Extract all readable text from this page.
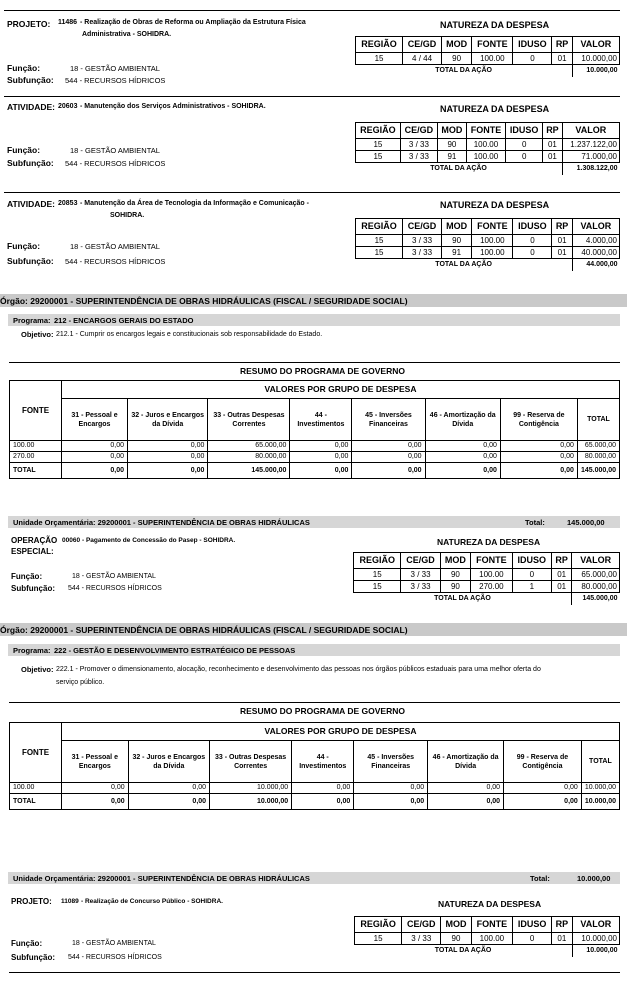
PROJETO: 11486 - Realização de Obras de Reforma ou Ampliação da Estrutura Física
Administrativa - SOHIDRA.
Função:	18 - GESTÃO AMBIENTAL
Subfunção: 544 - RECURSOS HÍDRICOS
NATUREZA DA DESPESA
REGIÃO	CE/GD	MOD	FONTE	IDUSO	RP	VALOR
15	4 / 44	90	100.00	0	01	10.000,00
TOTAL DA AÇÃO						10.000,00
ATIVIDADE: 20603 - Manutenção dos Serviços Administrativos - SOHIDRA.
Função:	18 - GESTÃO AMBIENTAL
Subfunção: 544 - RECURSOS HÍDRICOS
NATUREZA DA DESPESA
REGIÃO	CE/GD	MOD	FONTE	IDUSO	RP	VALOR
15	3 / 33	90	100.00	0	01	1.237.122,00
15	3 / 33	91	100.00	0	01	71.000,00
TOTAL DA AÇÃO						1.308.122,00
ATIVIDADE: 20853 - Manutenção da Área de Tecnologia da Informação e Comunicação -
SOHIDRA.
Função:	18 - GESTÃO AMBIENTAL
Subfunção: 544 - RECURSOS HÍDRICOS
NATUREZA DA DESPESA
REGIÃO	CE/GD	MOD	FONTE	IDUSO	RP	VALOR
15	3 / 33	90	100.00	0	01	4.000,00
15	3 / 33	91	100.00	0	01	40.000,00
TOTAL DA AÇÃO						44.000,00
Órgão: 29200001 - SUPERINTENDÊNCIA DE OBRAS HIDRÁULICAS (FISCAL / SEGURIDADE SOCIAL)
Programa: 212 - ENCARGOS GERAIS DO ESTADO
Objetivo: 212.1 - Cumprir os encargos legais e constitucionais sob responsabilidade do Estado.
RESUMO DO PROGRAMA DE GOVERNO
FONTE	VALORES POR GRUPO DE DESPESA							
	31 - Pessoal e Encargos	32 - Juros e Encargos da Dívida	33 - Outras Despesas Correntes	44 - Investimentos	45 - Inversões Financeiras	46 - Amortização da Dívida	99 - Reserva de Contigência	TOTAL
100.00	0,00	0,00	65.000,00	0,00	0,00	0,00	0,00	65.000,00
270.00	0,00	0,00	80.000,00	0,00	0,00	0,00	0,00	80.000,00
TOTAL	0,00	0,00	145.000,00	0,00	0,00	0,00	0,00	145.000,00
Unidade Orçamentária: 29200001 - SUPERINTENDÊNCIA DE OBRAS HIDRÁULICAS	Total:	145.000,00
OPERAÇÃO
ESPECIAL:
00060 - Pagamento de Concessão do Pasep - SOHIDRA.
Função:	18 - GESTÃO AMBIENTAL
Subfunção: 544 - RECURSOS HÍDRICOS
NATUREZA DA DESPESA
REGIÃO	CE/GD	MOD	FONTE	IDUSO	RP	VALOR
15	3 / 33	90	100.00	0	01	65.000,00
15	3 / 33	90	270.00	1	01	80.000,00
TOTAL DA AÇÃO						145.000,00
Órgão: 29200001 - SUPERINTENDÊNCIA DE OBRAS HIDRÁULICAS (FISCAL / SEGURIDADE SOCIAL)
Programa: 222 - GESTÃO E DESENVOLVIMENTO ESTRATÉGICO DE PESSOAS
Objetivo: 222.1 - Promover o dimensionamento, alocação, reconhecimento e desenvolvimento das pessoas nos órgãos públicos estaduais para uma melhor oferta do
serviço público.
RESUMO DO PROGRAMA DE GOVERNO
FONTE	VALORES POR GRUPO DE DESPESA							
	31 - Pessoal e Encargos	32 - Juros e Encargos da Dívida	33 - Outras Despesas Correntes	44 - Investimentos	45 - Inversões Financeiras	46 - Amortização da Dívida	99 - Reserva de Contigência	TOTAL
100.00	0,00	0,00	10.000,00	0,00	0,00	0,00	0,00	10.000,00
TOTAL	0,00	0,00	10.000,00	0,00	0,00	0,00	0,00	10.000,00
Unidade Orçamentária: 29200001 - SUPERINTENDÊNCIA DE OBRAS HIDRÁULICAS	Total:	10.000,00
PROJETO: 11089 - Realização de Concurso Público - SOHIDRA.
Função:	18 - GESTÃO AMBIENTAL
Subfunção: 544 - RECURSOS HÍDRICOS
NATUREZA DA DESPESA
REGIÃO	CE/GD	MOD	FONTE	IDUSO	RP	VALOR
15	3 / 33	90	100.00	0	01	10.000,00
TOTAL DA AÇÃO						10.000,00
